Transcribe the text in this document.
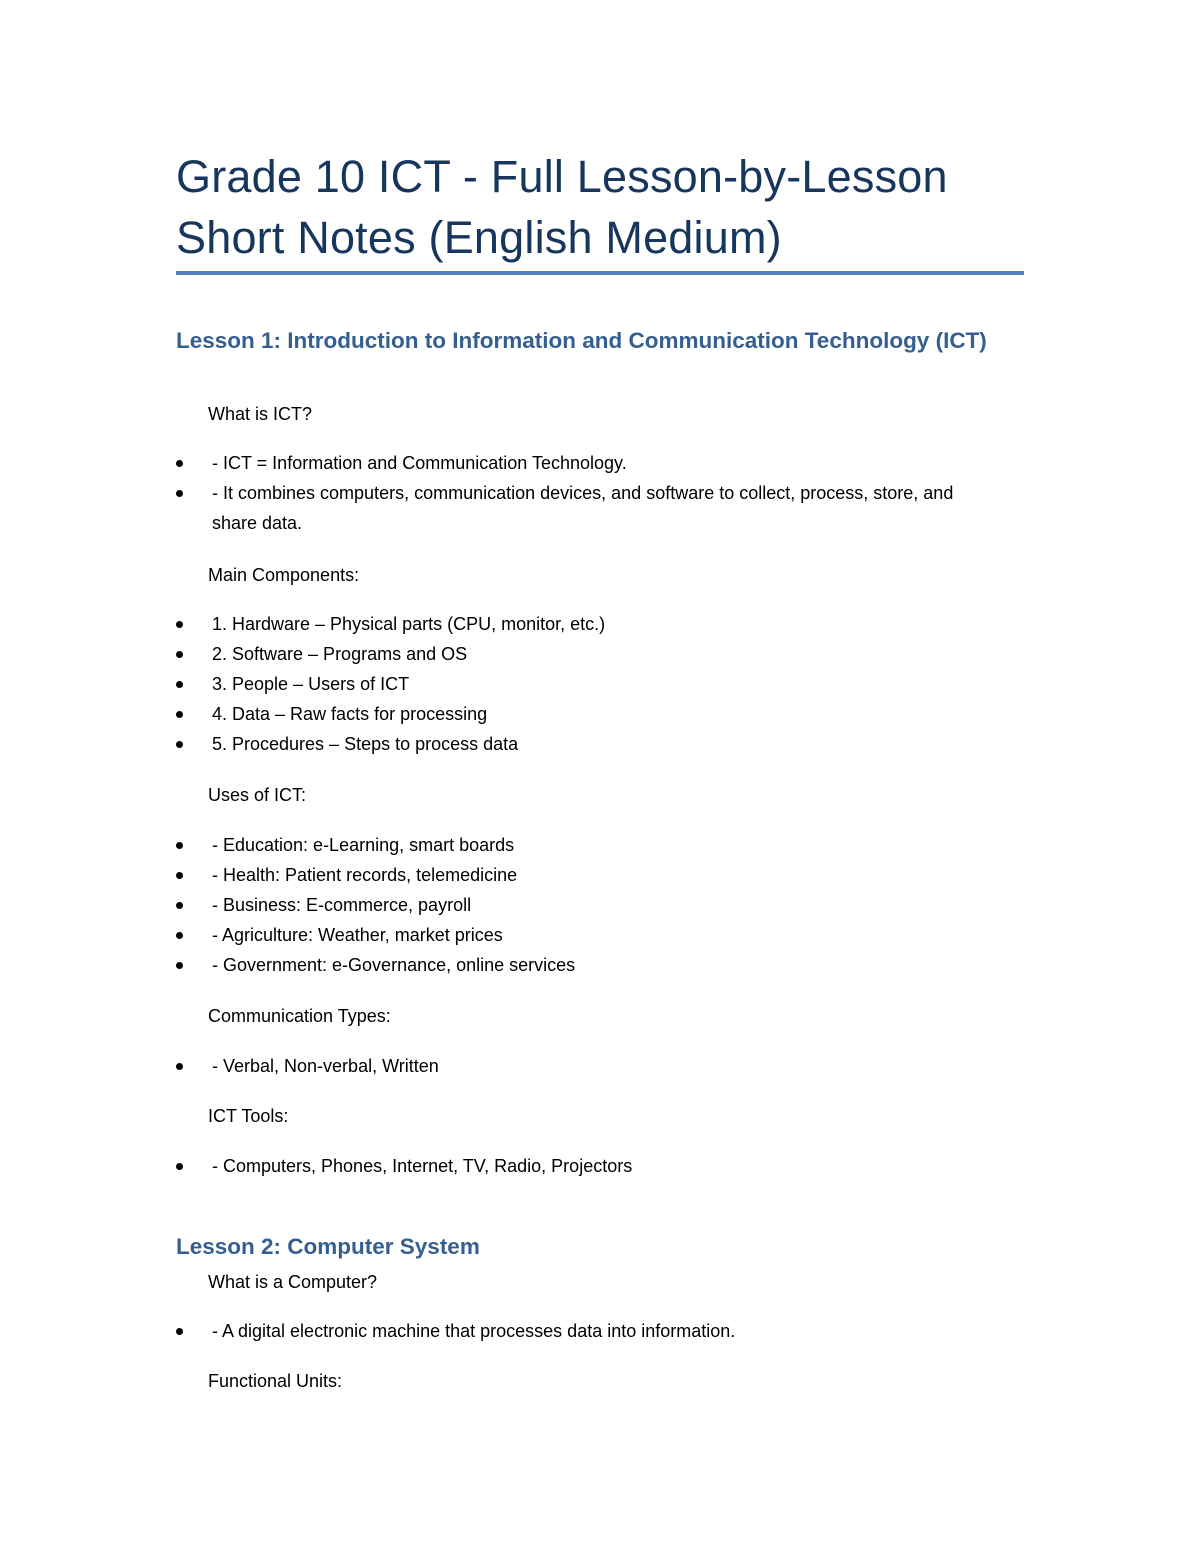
Grade 10 ICT - Full Lesson-by-Lesson Short Notes (English Medium)
Lesson 1: Introduction to Information and Communication Technology (ICT)
What is ICT?
- ICT = Information and Communication Technology.
- It combines computers, communication devices, and software to collect, process, store, and share data.
Main Components:
1. Hardware – Physical parts (CPU, monitor, etc.)
2. Software – Programs and OS
3. People – Users of ICT
4. Data – Raw facts for processing
5. Procedures – Steps to process data
Uses of ICT:
- Education: e-Learning, smart boards
- Health: Patient records, telemedicine
- Business: E-commerce, payroll
- Agriculture: Weather, market prices
- Government: e-Governance, online services
Communication Types:
- Verbal, Non-verbal, Written
ICT Tools:
- Computers, Phones, Internet, TV, Radio, Projectors
Lesson 2: Computer System
What is a Computer?
- A digital electronic machine that processes data into information.
Functional Units:
